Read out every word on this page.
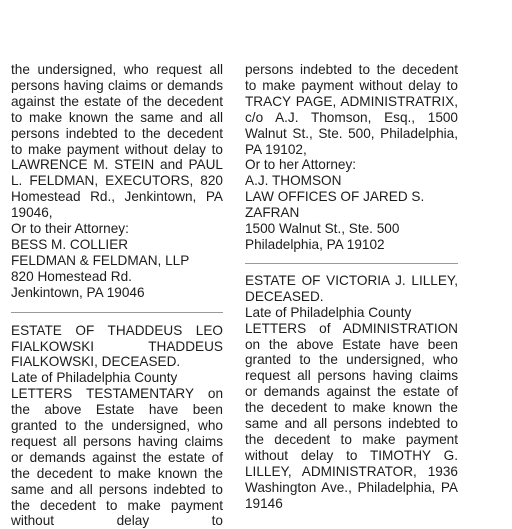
the undersigned, who request all persons having claims or demands against the estate of the decedent to make known the same and all persons indebted to the decedent to make payment without delay to LAWRENCE M. STEIN and PAUL L. FELDMAN, EXECUTORS, 820 Homestead Rd., Jenkintown, PA 19046,

Or to their Attorney:

BESS M. COLLIER

FELDMAN & FELDMAN, LLP

820 Homestead Rd.

Jenkintown, PA 19046

ESTATE OF THADDEUS LEO FIALKOWSKI THADDEUS FIALKOWSKI, DECEASED.

Late of Philadelphia County

LETTERS TESTAMENTARY on the above Estate have been granted to the undersigned, who request all persons having claims or demands against the estate of the decedent to make known the same and all persons indebted to the decedent to make payment without delay to

persons indebted to the decedent to make payment without delay to TRACY PAGE, ADMINISTRATRIX, c/o A.J. Thomson, Esq., 1500 Walnut St., Ste. 500, Philadelphia, PA 19102,

Or to her Attorney:

A.J. THOMSON

LAW OFFICES OF JARED S.

ZAFRAN

1500 Walnut St., Ste. 500

Philadelphia, PA 19102

ESTATE OF VICTORIA J. LILLEY, DECEASED.

Late of Philadelphia County

LETTERS of ADMINISTRATION on the above Estate have been granted to the undersigned, who request all persons having claims or demands against the estate of the decedent to make known the same and all persons indebted to the decedent to make payment without delay to TIMOTHY G. LILLEY, ADMINISTRATOR, 1936 Washington Ave., Philadelphia, PA 19146
